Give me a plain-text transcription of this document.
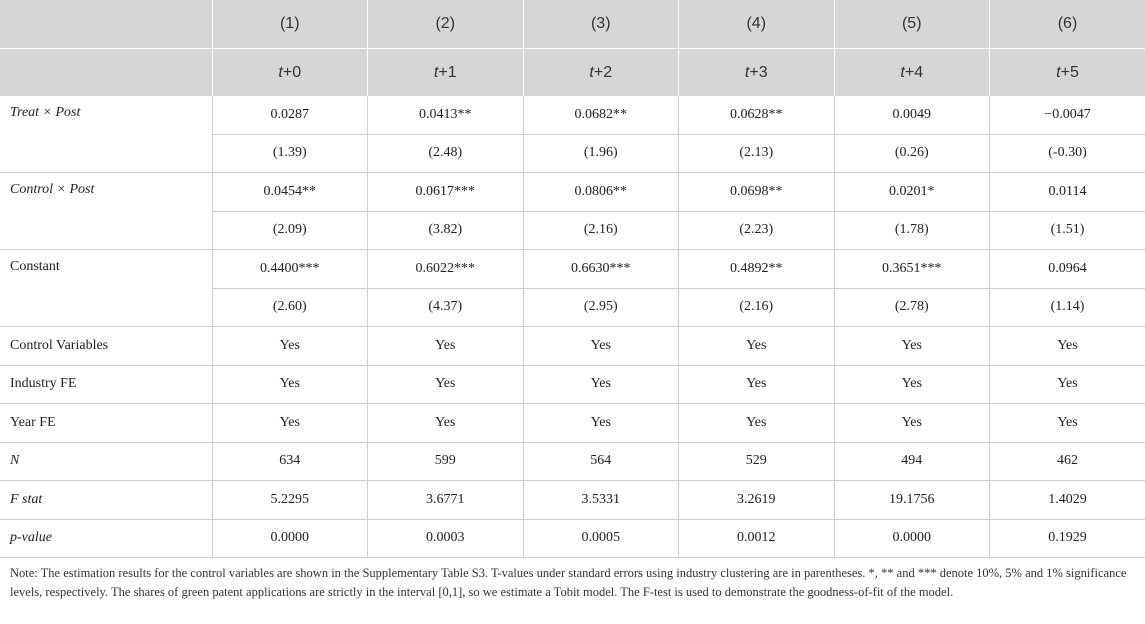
	(1)	(2)	(3)	(4)	(5)	(6)
	t+0	t+1	t+2	t+3	t+4	t+5
Treat × Post	0.0287	0.0413**	0.0682**	0.0628**	0.0049	−0.0047
	(1.39)	(2.48)	(1.96)	(2.13)	(0.26)	(-0.30)
Control × Post	0.0454**	0.0617***	0.0806**	0.0698**	0.0201*	0.0114
	(2.09)	(3.82)	(2.16)	(2.23)	(1.78)	(1.51)
Constant	0.4400***	0.6022***	0.6630***	0.4892**	0.3651***	0.0964
	(2.60)	(4.37)	(2.95)	(2.16)	(2.78)	(1.14)
Control Variables	Yes	Yes	Yes	Yes	Yes	Yes
Industry FE	Yes	Yes	Yes	Yes	Yes	Yes
Year FE	Yes	Yes	Yes	Yes	Yes	Yes
N	634	599	564	529	494	462
F stat	5.2295	3.6771	3.5331	3.2619	19.1756	1.4029
p-value	0.0000	0.0003	0.0005	0.0012	0.0000	0.1929
Note: The estimation results for the control variables are shown in the Supplementary Table S3. T-values under standard errors using industry clustering are in parentheses. *, ** and *** denote 10%, 5% and 1% significance levels, respectively. The shares of green patent applications are strictly in the interval [0,1], so we estimate a Tobit model. The F-test is used to demonstrate the goodness-of-fit of the model.
